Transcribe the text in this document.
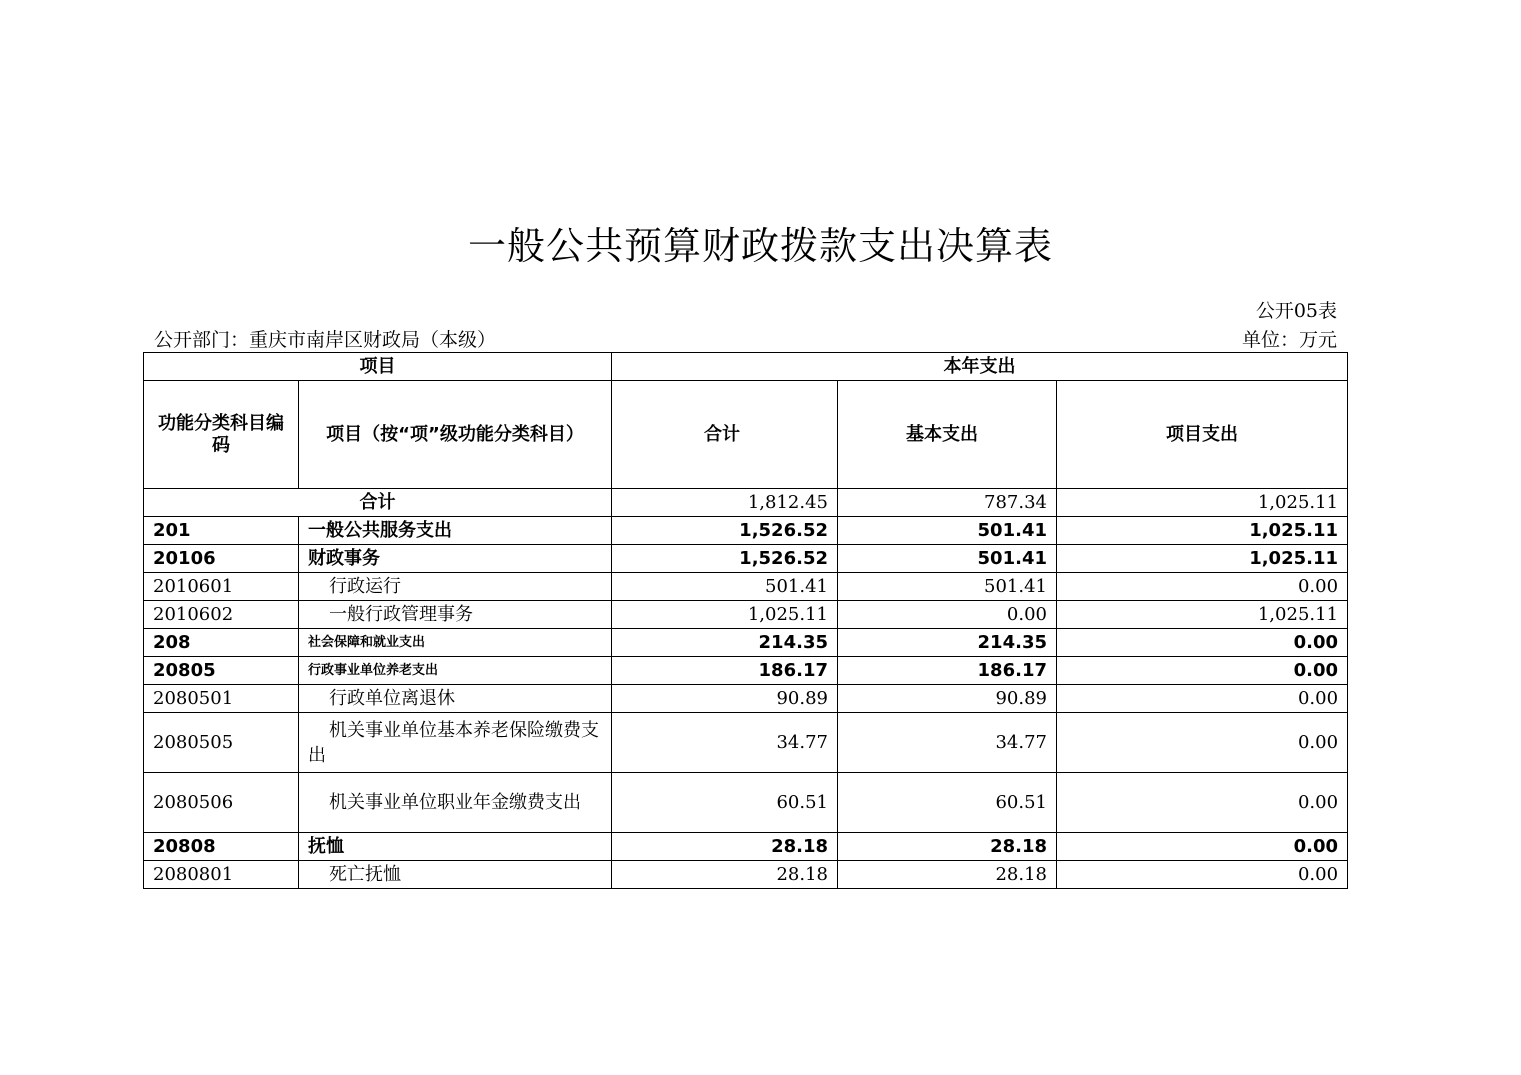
一般公共预算财政拨款支出决算表
公开05表
公开部门：重庆市南岸区财政局（本级）	单位：万元
项目		本年支出		
功能分类科目编码	项目（按“项”级功能分类科目）	合计	基本支出	项目支出
合计		1,812.45	787.34	1,025.11
201	一般公共服务支出	1,526.52	501.41	1,025.11
20106	财政事务	1,526.52	501.41	1,025.11
2010601	行政运行	501.41	501.41	0.00
2010602	一般行政管理事务	1,025.11	0.00	1,025.11
208	社会保障和就业支出	214.35	214.35	0.00
20805	行政事业单位养老支出	186.17	186.17	0.00
2080501	行政单位离退休	90.89	90.89	0.00
2080505	机关事业单位基本养老保险缴费支出	34.77	34.77	0.00
2080506	机关事业单位职业年金缴费支出	60.51	60.51	0.00
20808	抚恤	28.18	28.18	0.00
2080801	死亡抚恤	28.18	28.18	0.00
